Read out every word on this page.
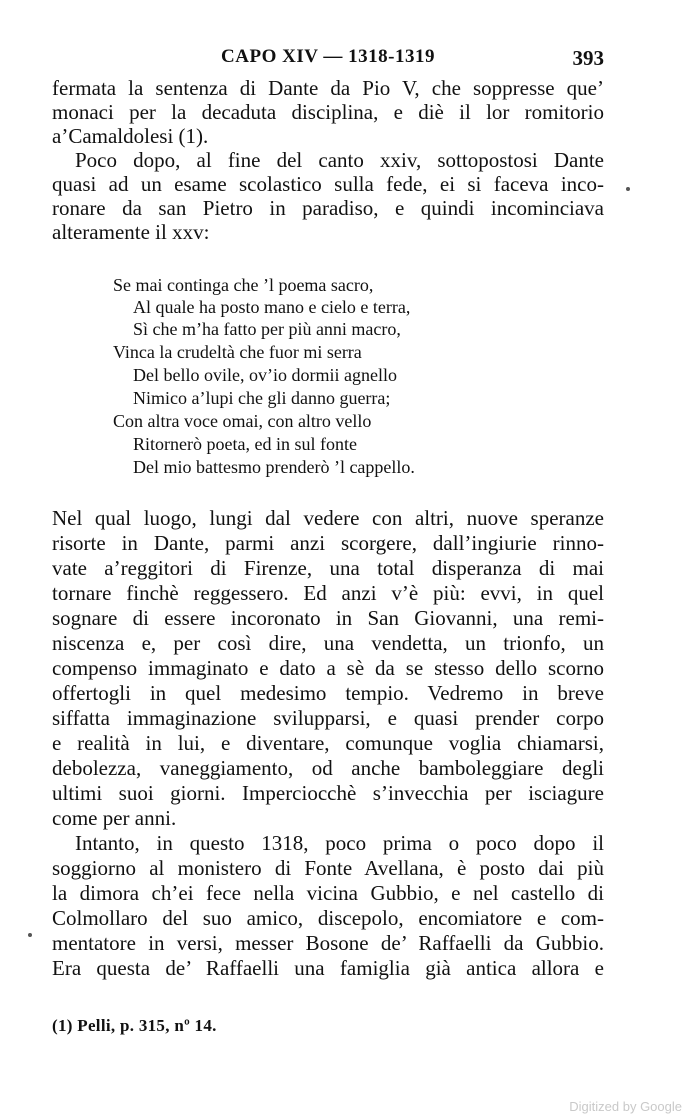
CAPO XIV — 1318-1319	393
fermata la sentenza di Dante da Pio V, che soppresse que’
monaci per la decaduta disciplina, e diè il lor romitorio
a’Camaldolesi (1).
Poco dopo, al fine del canto xxiv, sottopostosi Dante
quasi ad un esame scolastico sulla fede, ei si faceva inco-
ronare da san Pietro in paradiso, e quindi incominciava
alteramente il xxv:
Se mai continga che ’l poema sacro,
Al quale ha posto mano e cielo e terra,
Sì che m’ha fatto per più anni macro,
Vinca la crudeltà che fuor mi serra
Del bello ovile, ov’io dormii agnello
Nimico a’lupi che gli danno guerra;
Con altra voce omai, con altro vello
Ritornerò poeta, ed in sul fonte
Del mio battesmo prenderò ’l cappello.
Nel qual luogo, lungi dal vedere con altri, nuove speranze
risorte in Dante, parmi anzi scorgere, dall’ingiurie rinno-
vate a’reggitori di Firenze, una total disperanza di mai
tornare finchè reggessero. Ed anzi v’è più: evvi, in quel
sognare di essere incoronato in San Giovanni, una remi-
niscenza e, per così dire, una vendetta, un trionfo, un
compenso immaginato e dato a sè da se stesso dello scorno
offertogli in quel medesimo tempio. Vedremo in breve
siffatta immaginazione svilupparsi, e quasi prender corpo
e realità in lui, e diventare, comunque voglia chiamarsi,
debolezza, vaneggiamento, od anche bamboleggiare degli
ultimi suoi giorni. Imperciocchè s’invecchia per isciagure
come per anni.
Intanto, in questo 1318, poco prima o poco dopo il
soggiorno al monistero di Fonte Avellana, è posto dai più
la dimora ch’ei fece nella vicina Gubbio, e nel castello di
Colmollaro del suo amico, discepolo, encomiatore e com-
mentatore in versi, messer Bosone de’ Raffaelli da Gubbio.
Era questa de’ Raffaelli una famiglia già antica allora e
(1) Pelli, p. 315, nº 14.
Digitized by Google
